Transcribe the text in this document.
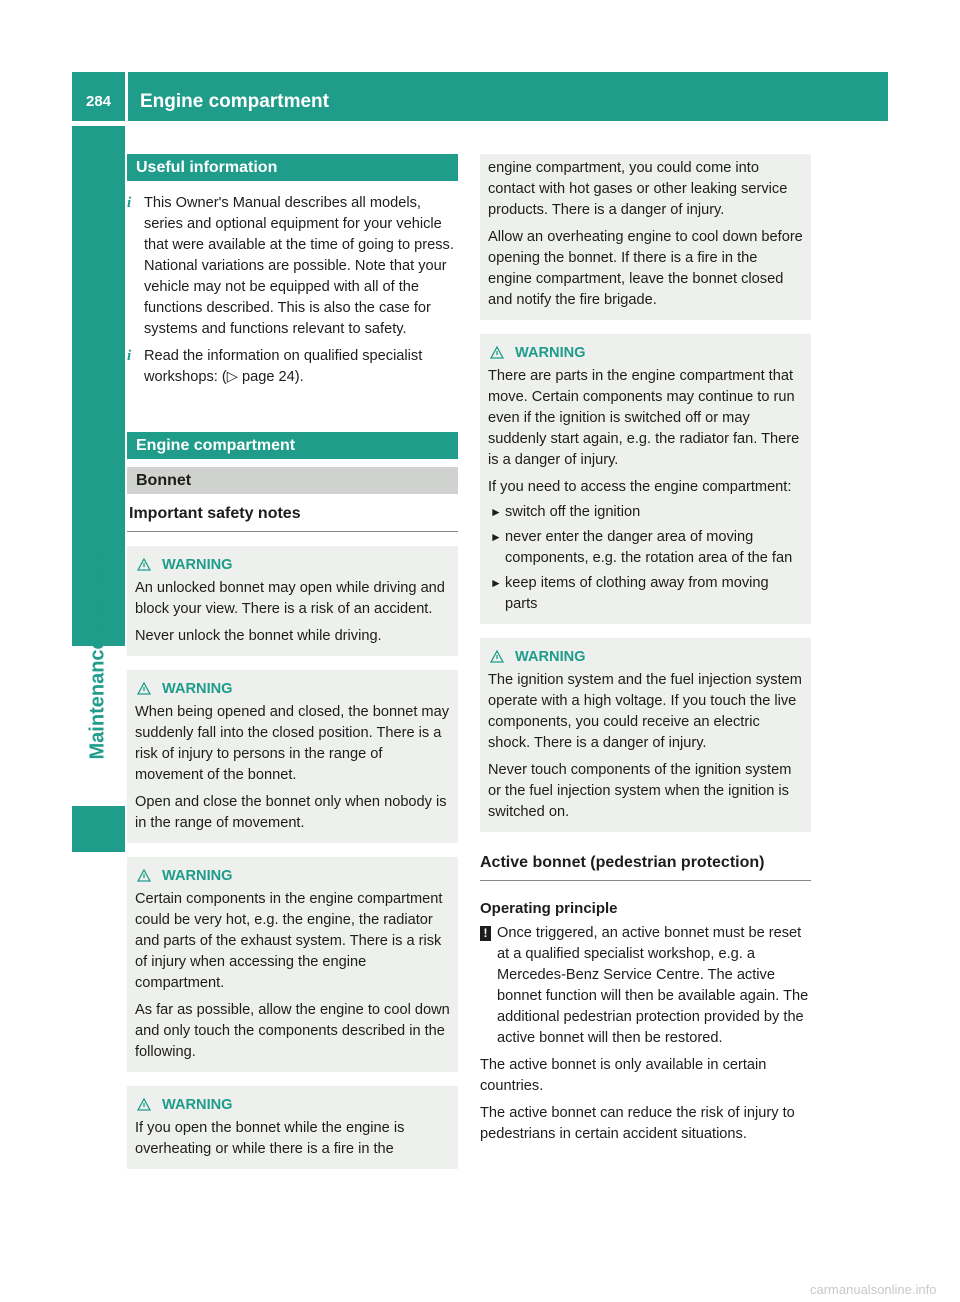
284	Engine compartment
Maintenance and care
Useful information
i This Owner's Manual describes all models, series and optional equipment for your vehicle that were available at the time of going to press. National variations are possible. Note that your vehicle may not be equipped with all of the functions described. This is also the case for systems and functions relevant to safety.
i Read the information on qualified specialist workshops: (▷ page 24).
Engine compartment
Bonnet
Important safety notes
WARNING

An unlocked bonnet may open while driving and block your view. There is a risk of an accident.

Never unlock the bonnet while driving.

WARNING

When being opened and closed, the bonnet may suddenly fall into the closed position. There is a risk of injury to persons in the range of movement of the bonnet.

Open and close the bonnet only when nobody is in the range of movement.

WARNING

Certain components in the engine compartment could be very hot, e.g. the engine, the radiator and parts of the exhaust system. There is a risk of injury when accessing the engine compartment.

As far as possible, allow the engine to cool down and only touch the components described in the following.

WARNING

If you open the bonnet while the engine is overheating or while there is a fire in the

engine compartment, you could come into contact with hot gases or other leaking service products. There is a danger of injury.

Allow an overheating engine to cool down before opening the bonnet. If there is a fire in the engine compartment, leave the bonnet closed and notify the fire brigade.

WARNING

There are parts in the engine compartment that move. Certain components may continue to run even if the ignition is switched off or may suddenly start again, e.g. the radiator fan. There is a danger of injury.

If you need to access the engine compartment:

► switch off the ignition
► never enter the danger area of moving components, e.g. the rotation area of the fan
► keep items of clothing away from moving parts
WARNING

The ignition system and the fuel injection system operate with a high voltage. If you touch the live components, you could receive an electric shock. There is a danger of injury.

Never touch components of the ignition system or the fuel injection system when the ignition is switched on.

Active bonnet (pedestrian protection)
Operating principle
! Once triggered, an active bonnet must be reset at a qualified specialist workshop, e.g. a Mercedes-Benz Service Centre. The active bonnet function will then be available again. The additional pedestrian protection provided by the active bonnet will then be restored.

The active bonnet is only available in certain countries.

The active bonnet can reduce the risk of injury to pedestrians in certain accident situations.

carmanualsonline.info
